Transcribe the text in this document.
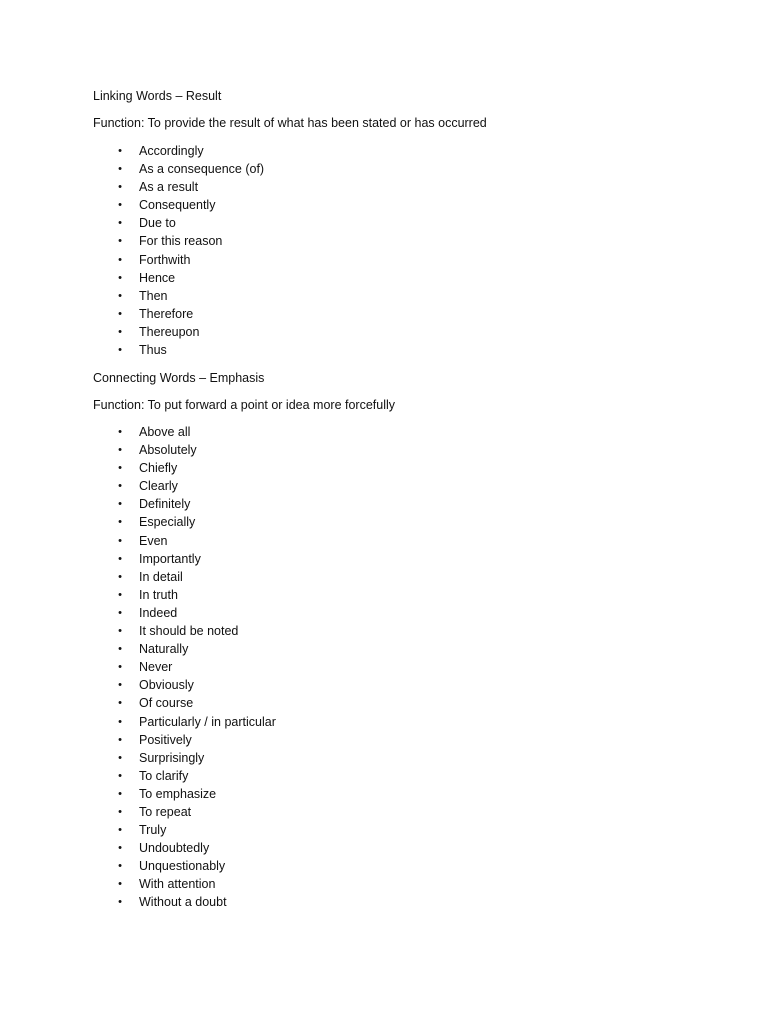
Linking Words – Result
Function: To provide the result of what has been stated or has occurred
• Accordingly
• As a consequence (of)
• As a result
• Consequently
• Due to
• For this reason
• Forthwith
• Hence
• Then
• Therefore
• Thereupon
• Thus
Connecting Words – Emphasis
Function: To put forward a point or idea more forcefully
• Above all
• Absolutely
• Chiefly
• Clearly
• Definitely
• Especially
• Even
• Importantly
• In detail
• In truth
• Indeed
• It should be noted
• Naturally
• Never
• Obviously
• Of course
• Particularly / in particular
• Positively
• Surprisingly
• To clarify
• To emphasize
• To repeat
• Truly
• Undoubtedly
• Unquestionably
• With attention
• Without a doubt
